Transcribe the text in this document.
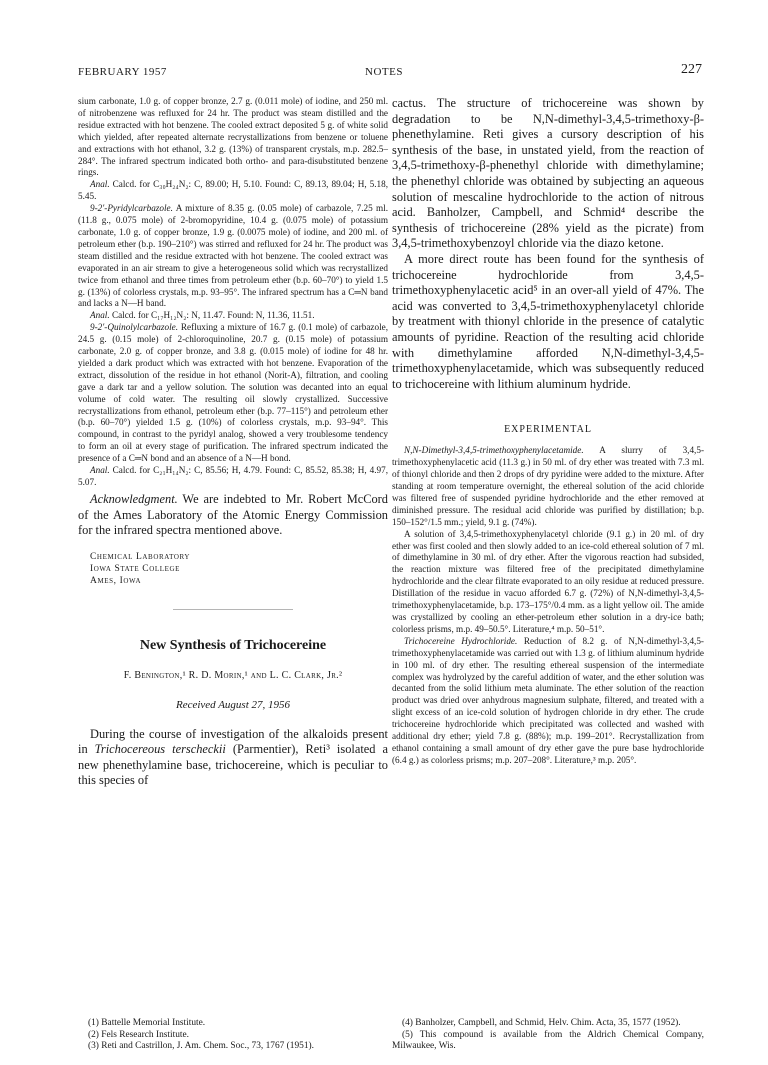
FEBRUARY 1957	NOTES	227

sium carbonate, 1.0 g. of copper bronze, 2.7 g. (0.011 mole) of iodine, and 250 ml. of nitrobenzene was refluxed for 24 hr. The product was steam distilled and the residue extracted with hot benzene. The cooled extract deposited 5 g. of white solid which yielded, after repeated alternate recrystallizations from benzene or toluene and extractions with hot ethanol, 3.2 g. (13%) of transparent crystals, m.p. 282.5–284°. The infrared spectrum indicated both ortho- and para-disubstituted benzene rings.

Anal. Calcd. for C₃₀H₂₄N₂: C, 89.00; H, 5.10. Found: C, 89.13, 89.04; H, 5.18, 5.45.

9-2′-Pyridylcarbazole. A mixture of 8.35 g. (0.05 mole) of carbazole, 7.25 ml. (11.8 g., 0.075 mole) of 2-bromopyridine, 10.4 g. (0.075 mole) of potassium carbonate, 1.0 g. of copper bronze, 1.9 g. (0.0075 mole) of iodine, and 200 ml. of petroleum ether (b.p. 190–210°) was stirred and refluxed for 24 hr. The product was steam distilled and the residue extracted with hot benzene. The cooled extract was evaporated in an air stream to give a heterogeneous solid which was recrystallized twice from ethanol and three times from petroleum ether (b.p. 60–70°) to yield 1.5 g. (13%) of colorless crystals, m.p. 93–95°. The infrared spectrum has a C═N band and lacks a N—H band.

Anal. Calcd. for C₁₇H₁₂N₂: N, 11.47. Found: N, 11.36, 11.51.

9-2′-Quinolylcarbazole. Refluxing a mixture of 16.7 g. (0.1 mole) of carbazole, 24.5 g. (0.15 mole) of 2-chloroquinoline, 20.7 g. (0.15 mole) of potassium carbonate, 2.0 g. of copper bronze, and 3.8 g. (0.015 mole) of iodine for 48 hr. yielded a dark product which was extracted with hot benzene. Evaporation of the extract, dissolution of the residue in hot ethanol (Norit-A), filtration, and cooling gave a dark tar and a yellow solution. The solution was decanted into an equal volume of cold water. The resulting oil slowly crystallized. Successive recrystallizations from ethanol, petroleum ether (b.p. 77–115°) and petroleum ether (b.p. 60–70°) yielded 1.5 g. (10%) of colorless crystals, m.p. 93–94°. This compound, in contrast to the pyridyl analog, showed a very troublesome tendency to form an oil at every stage of purification. The infrared spectrum indicated the presence of a C═N bond and an absence of a N—H bond.

Anal. Calcd. for C₂₁H₁₄N₂: C, 85.56; H, 4.79. Found: C, 85.52, 85.38; H, 4.97, 5.07.

Acknowledgment. We are indebted to Mr. Robert McCord of the Ames Laboratory of the Atomic Energy Commission for the infrared spectra mentioned above.

Chemical Laboratory
Iowa State College
Ames, Iowa
New Synthesis of Trichocereine
F. Benington,¹ R. D. Morin,¹ and L. C. Clark, Jr.²
Received August 27, 1956

During the course of investigation of the alkaloids present in Trichocereous terscheckii (Parmentier), Reti³ isolated a new phenethylamine base, trichocereine, which is peculiar to this species of

cactus. The structure of trichocereine was shown by degradation to be N,N-dimethyl-3,4,5-trimethoxy-β-phenethylamine. Reti gives a cursory description of his synthesis of the base, in unstated yield, from the reaction of 3,4,5-trimethoxy-β-phenethyl chloride with dimethylamine; the phenethyl chloride was obtained by subjecting an aqueous solution of mescaline hydrochloride to the action of nitrous acid. Banholzer, Campbell, and Schmid⁴ describe the synthesis of trichocereine (28% yield as the picrate) from 3,4,5-trimethoxybenzoyl chloride via the diazo ketone.

A more direct route has been found for the synthesis of trichocereine hydrochloride from 3,4,5-trimethoxyphenylacetic acid⁵ in an over-all yield of 47%. The acid was converted to 3,4,5-trimethoxyphenylacetyl chloride by treatment with thionyl chloride in the presence of catalytic amounts of pyridine. Reaction of the resulting acid chloride with dimethylamine afforded N,N-dimethyl-3,4,5-trimethoxyphenylacetamide, which was subsequently reduced to trichocereine with lithium aluminum hydride.

EXPERIMENTAL

N,N-Dimethyl-3,4,5-trimethoxyphenylacetamide. A slurry of 3,4,5-trimethoxyphenylacetic acid (11.3 g.) in 50 ml. of dry ether was treated with 7.3 ml. of thionyl chloride and then 2 drops of dry pyridine were added to the mixture. After standing at room temperature overnight, the ethereal solution of the acid chloride was filtered free of suspended pyridine hydrochloride and the ether removed at diminished pressure. The residual acid chloride was purified by distillation; b.p. 150–152°/1.5 mm.; yield, 9.1 g. (74%).

A solution of 3,4,5-trimethoxyphenylacetyl chloride (9.1 g.) in 20 ml. of dry ether was first cooled and then slowly added to an ice-cold ethereal solution of 7 ml. of dimethylamine in 30 ml. of dry ether. After the vigorous reaction had subsided, the reaction mixture was filtered free of the precipitated dimethylamine hydrochloride and the clear filtrate evaporated to an oily residue at reduced pressure. Distillation of the residue in vacuo afforded 6.7 g. (72%) of N,N-dimethyl-3,4,5-trimethoxyphenylacetamide, b.p. 173–175°/0.4 mm. as a light yellow oil. The amide was crystallized by cooling an ether-petroleum ether solution in a dry-ice bath; colorless prisms, m.p. 49–50.5°. Literature,⁴ m.p. 50–51°.

Trichocereine Hydrochloride. Reduction of 8.2 g. of N,N-dimethyl-3,4,5-trimethoxyphenylacetamide was carried out with 1.3 g. of lithium aluminum hydride in 100 ml. of dry ether. The resulting ethereal suspension of the intermediate complex was hydrolyzed by the careful addition of water, and the ether solution was decanted from the solid lithium meta aluminate. The ether solution of the reaction product was dried over anhydrous magnesium sulphate, filtered, and treated with a slight excess of an ice-cold solution of hydrogen chloride in dry ether. The crude trichocereine hydrochloride which precipitated was collected and washed with additional dry ether; yield 7.8 g. (88%); m.p. 199–201°. Recrystallization from ethanol containing a small amount of dry ether gave the pure base hydrochloride (6.4 g.) as colorless prisms; m.p. 207–208°. Literature,³ m.p. 205°.

(1) Battelle Memorial Institute.

(2) Fels Research Institute.

(3) Reti and Castrillon, J. Am. Chem. Soc., 73, 1767 (1951).

(4) Banholzer, Campbell, and Schmid, Helv. Chim. Acta, 35, 1577 (1952).

(5) This compound is available from the Aldrich Chemical Company, Milwaukee, Wis.
